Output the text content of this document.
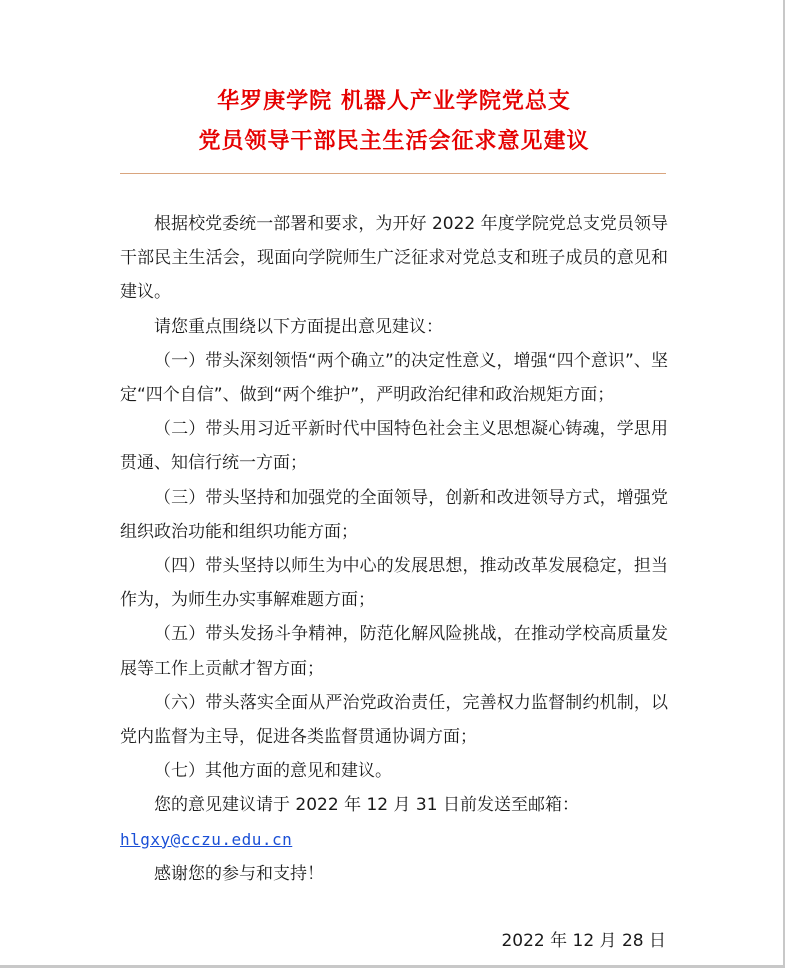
华罗庚学院 机器人产业学院党总支
党员领导干部民主生活会征求意见建议

根据校党委统一部署和要求，为开好 2022 年度学院党总支党员领导干部民主生活会，现面向学院师生广泛征求对党总支和班子成员的意见和建议。

请您重点围绕以下方面提出意见建议：

（一）带头深刻领悟“两个确立”的决定性意义，增强“四个意识”、坚定“四个自信”、做到“两个维护”，严明政治纪律和政治规矩方面；

（二）带头用习近平新时代中国特色社会主义思想凝心铸魂，学思用贯通、知信行统一方面；

（三）带头坚持和加强党的全面领导，创新和改进领导方式，增强党组织政治功能和组织功能方面；

（四）带头坚持以师生为中心的发展思想，推动改革发展稳定，担当作为，为师生办实事解难题方面；

（五）带头发扬斗争精神，防范化解风险挑战，在推动学校高质量发展等工作上贡献才智方面；

（六）带头落实全面从严治党政治责任，完善权力监督制约机制，以党内监督为主导，促进各类监督贯通协调方面；

（七）其他方面的意见和建议。

您的意见建议请于 2022 年 12 月 31 日前发送至邮箱：

hlgxy@cczu.edu.cn

感谢您的参与和支持！

2022 年 12 月 28 日
